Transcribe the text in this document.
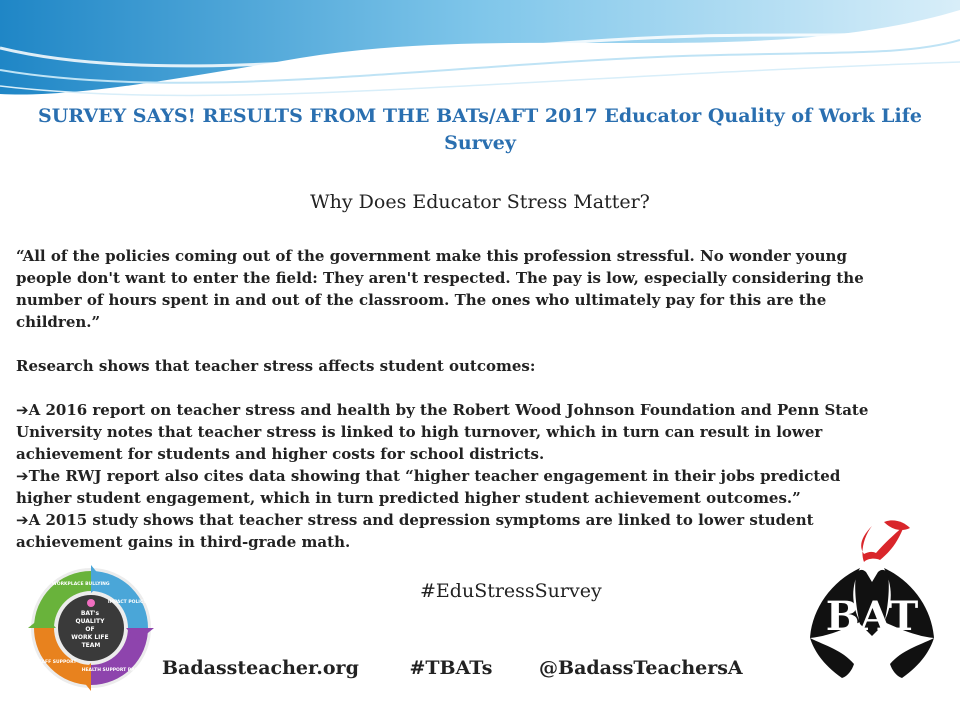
SURVEY SAYS! RESULTS FROM THE BATs/AFT 2017 Educator Quality of Work Life Survey
Why Does Educator Stress Matter?

“All of the policies coming out of the government make this profession stressful. No wonder young people don't want to enter the field: They aren't respected. The pay is low, especially considering the number of hours spent in and out of the classroom. The ones who ultimately pay for this are the children.”

Research shows that teacher stress affects student outcomes:

➔A 2016 report on teacher stress and health by the Robert Wood Johnson Foundation and Penn State University notes that teacher stress is linked to high turnover, which in turn can result in lower achievement for students and higher costs for school districts.
➔The RWJ report also cites data showing that “higher teacher engagement in their jobs predicted higher student engagement, which in turn predicted higher student achievement outcomes.”
➔A 2015 study shows that teacher stress and depression symptoms are linked to lower student achievement gains in third-grade math.
#EduStressSurvey
Badassteacher.org	#TBATs @BadassTeachersA
BAT's QUALITY OF WORK LIFE TEAM
STOP WORKPLACE BULLYING IMPACT POLICY HEALTH SUPPORT PROGRAMS STAFF SUPPORT
BAT
